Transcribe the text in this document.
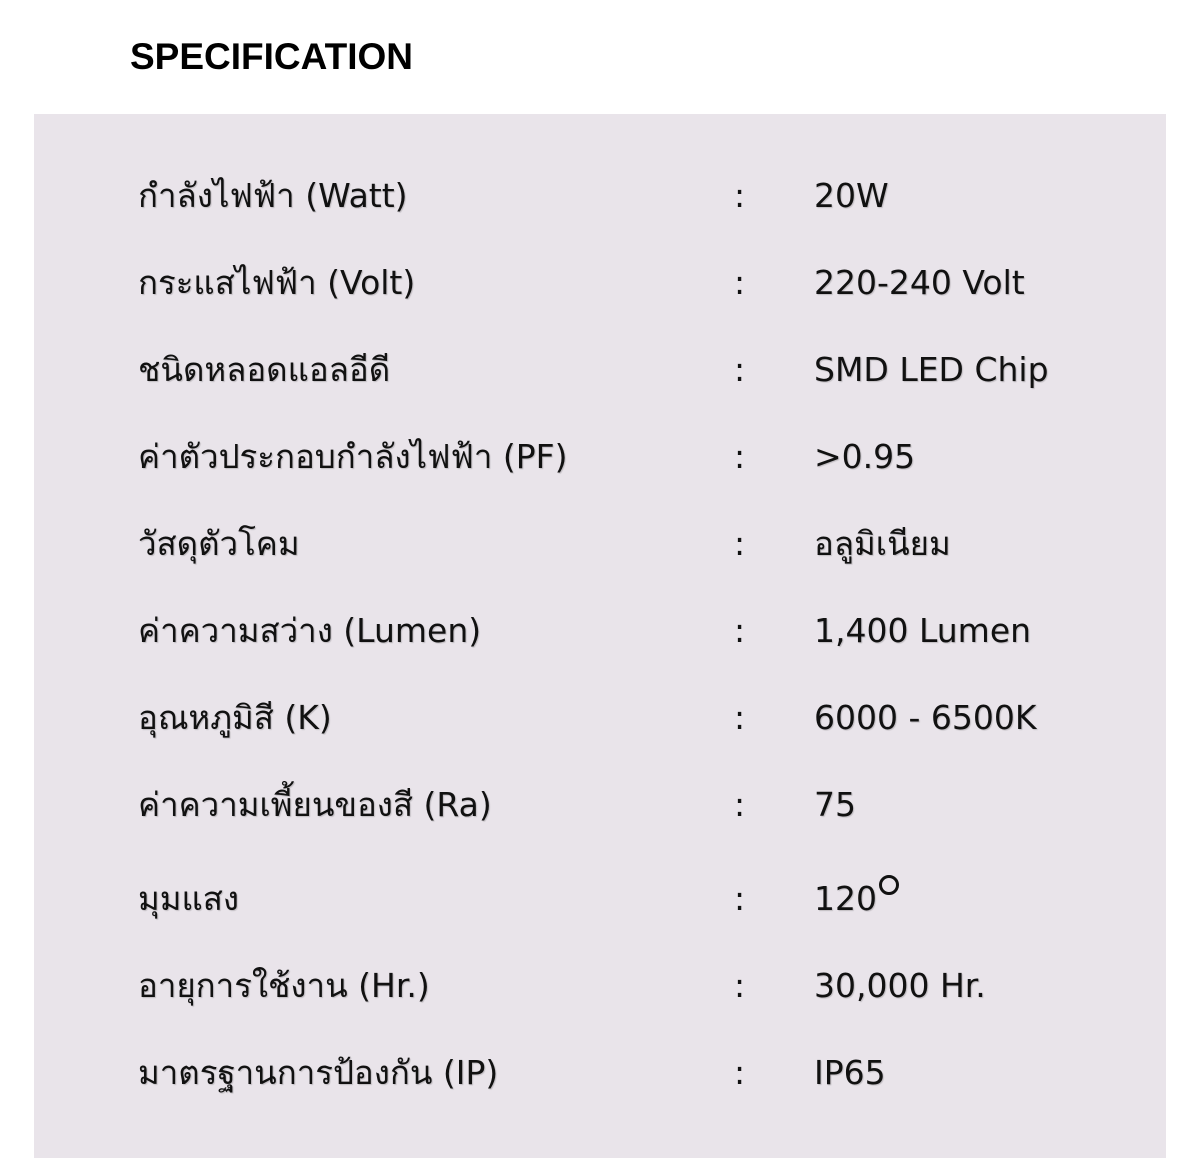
SPECIFICATION
กำลังไฟฟ้า (Watt)	: 20W
กระแสไฟฟ้า (Volt)	: 220-240 Volt
ชนิดหลอดแอลอีดี	: SMD LED Chip
ค่าตัวประกอบกำลังไฟฟ้า (PF)	: >0.95
วัสดุตัวโคม	: อลูมิเนียม
ค่าความสว่าง (Lumen)	: 1,400 Lumen
อุณหภูมิสี (K)	: 6000 - 6500K
ค่าความเพี้ยนของสี (Ra)	: 75
มุมแสง	: 120
อายุการใช้งาน (Hr.)	: 30,000 Hr.
มาตรฐานการป้องกัน (IP)	: IP65
